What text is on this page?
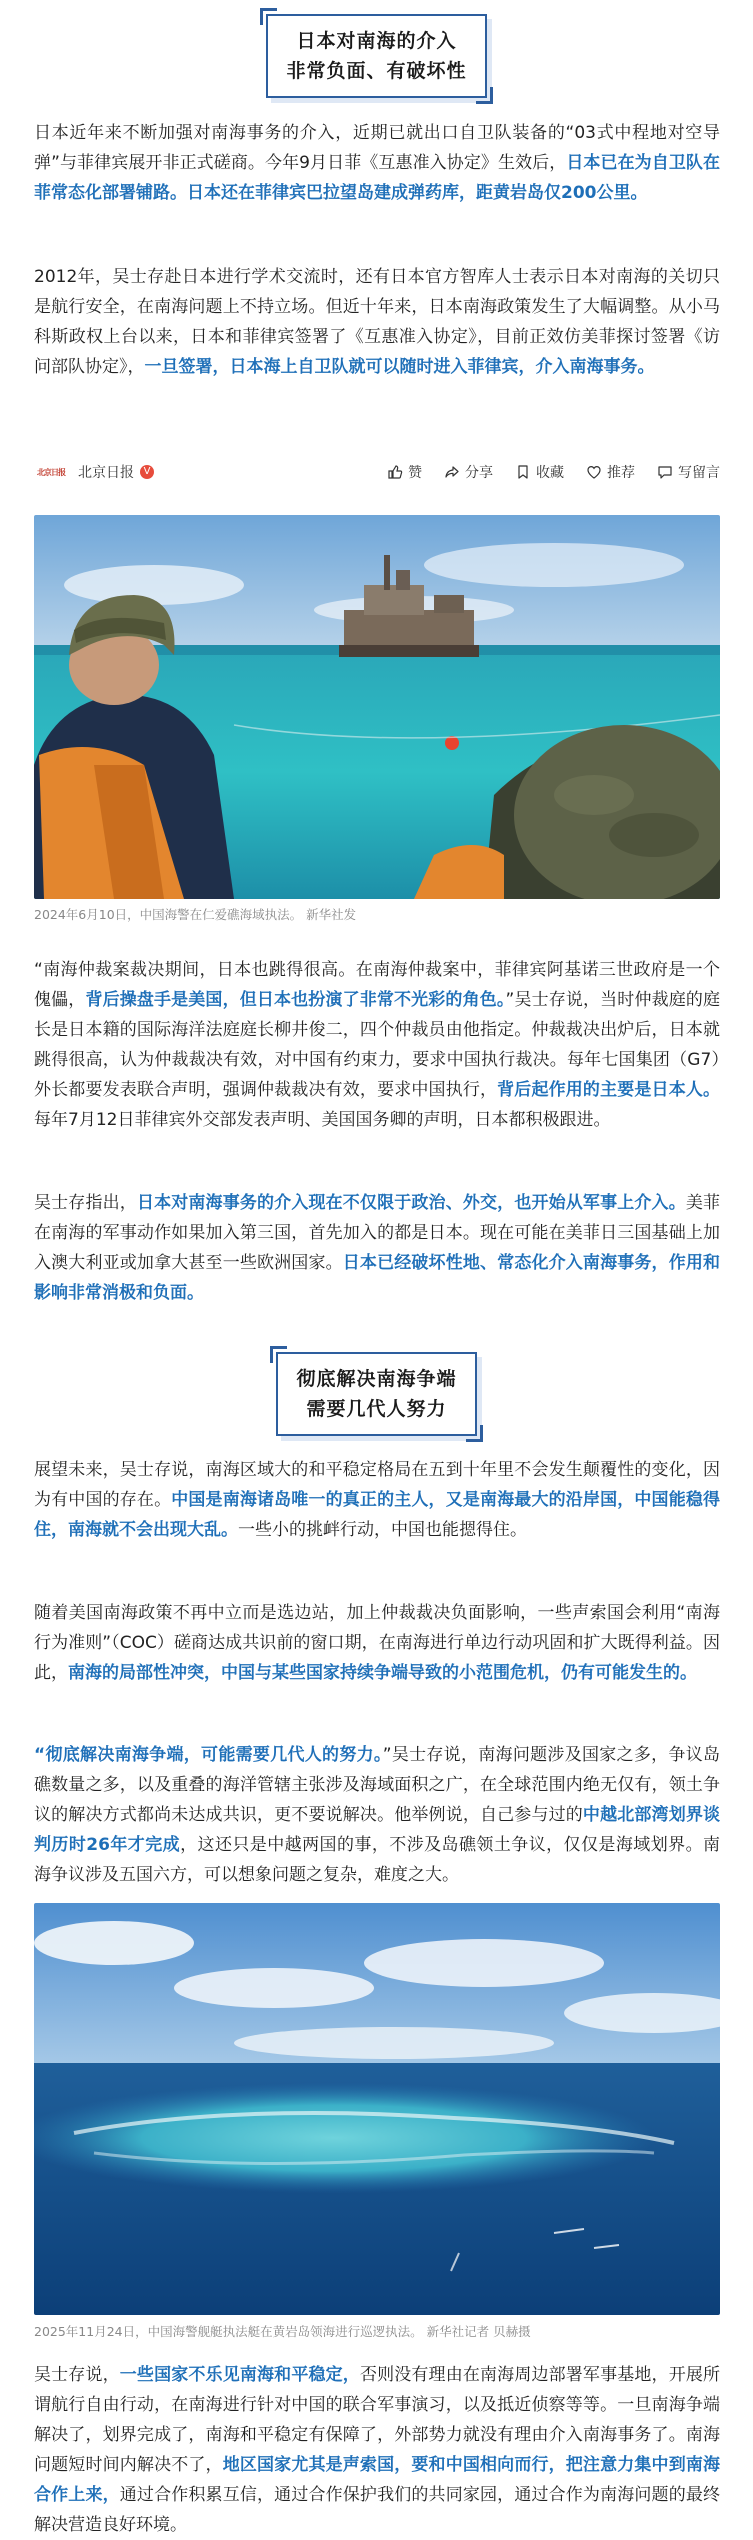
日本对南海的介入
非常负面、有破坏性

日本近年来不断加强对南海事务的介入，近期已就出口自卫队装备的“03式中程地对空导弹”与菲律宾展开非正式磋商。今年9月日菲《互惠准入协定》生效后，日本已在为自卫队在菲常态化部署铺路。日本还在菲律宾巴拉望岛建成弹药库，距黄岩岛仅200公里。

2012年，吴士存赴日本进行学术交流时，还有日本官方智库人士表示日本对南海的关切只是航行安全，在南海问题上不持立场。但近十年来，日本南海政策发生了大幅调整。从小马科斯政权上台以来，日本和菲律宾签署了《互惠准入协定》，目前正效仿美菲探讨签署《访问部队协定》，一旦签署，日本海上自卫队就可以随时进入菲律宾，介入南海事务。

北京日报 北京日报 V	赞	分享	收藏	推荐	写留言
2024年6月10日，中国海警在仁爱礁海域执法。 新华社发

“南海仲裁案裁决期间，日本也跳得很高。在南海仲裁案中，菲律宾阿基诺三世政府是一个傀儡，背后操盘手是美国，但日本也扮演了非常不光彩的角色。”吴士存说，当时仲裁庭的庭长是日本籍的国际海洋法庭庭长柳井俊二，四个仲裁员由他指定。仲裁裁决出炉后，日本就跳得很高，认为仲裁裁决有效，对中国有约束力，要求中国执行裁决。每年七国集团（G7）外长都要发表联合声明，强调仲裁裁决有效，要求中国执行，背后起作用的主要是日本人。每年7月12日菲律宾外交部发表声明、美国国务卿的声明，日本都积极跟进。

吴士存指出，日本对南海事务的介入现在不仅限于政治、外交，也开始从军事上介入。美菲在南海的军事动作如果加入第三国，首先加入的都是日本。现在可能在美菲日三国基础上加入澳大利亚或加拿大甚至一些欧洲国家。日本已经破坏性地、常态化介入南海事务，作用和影响非常消极和负面。

彻底解决南海争端
需要几代人努力

展望未来，吴士存说，南海区域大的和平稳定格局在五到十年里不会发生颠覆性的变化，因为有中国的存在。中国是南海诸岛唯一的真正的主人，又是南海最大的沿岸国，中国能稳得住，南海就不会出现大乱。一些小的挑衅行动，中国也能摁得住。

随着美国南海政策不再中立而是选边站，加上仲裁裁决负面影响，一些声索国会利用“南海行为准则”（COC）磋商达成共识前的窗口期，在南海进行单边行动巩固和扩大既得利益。因此，南海的局部性冲突，中国与某些国家持续争端导致的小范围危机，仍有可能发生的。

“彻底解决南海争端，可能需要几代人的努力。”吴士存说，南海问题涉及国家之多，争议岛礁数量之多，以及重叠的海洋管辖主张涉及海域面积之广，在全球范围内绝无仅有，领土争议的解决方式都尚未达成共识，更不要说解决。他举例说，自己参与过的中越北部湾划界谈判历时26年才完成，这还只是中越两国的事，不涉及岛礁领土争议，仅仅是海域划界。南海争议涉及五国六方，可以想象问题之复杂，难度之大。

2025年11月24日，中国海警舰艇执法艇在黄岩岛领海进行巡逻执法。 新华社记者 贝赫摄

吴士存说，一些国家不乐见南海和平稳定，否则没有理由在南海周边部署军事基地，开展所谓航行自由行动，在南海进行针对中国的联合军事演习，以及抵近侦察等等。一旦南海争端解决了，划界完成了，南海和平稳定有保障了，外部势力就没有理由介入南海事务了。南海问题短时间内解决不了，地区国家尤其是声索国，要和中国相向而行，把注意力集中到南海合作上来，通过合作积累互信，通过合作保护我们的共同家园，通过合作为南海问题的最终解决营造良好环境。
